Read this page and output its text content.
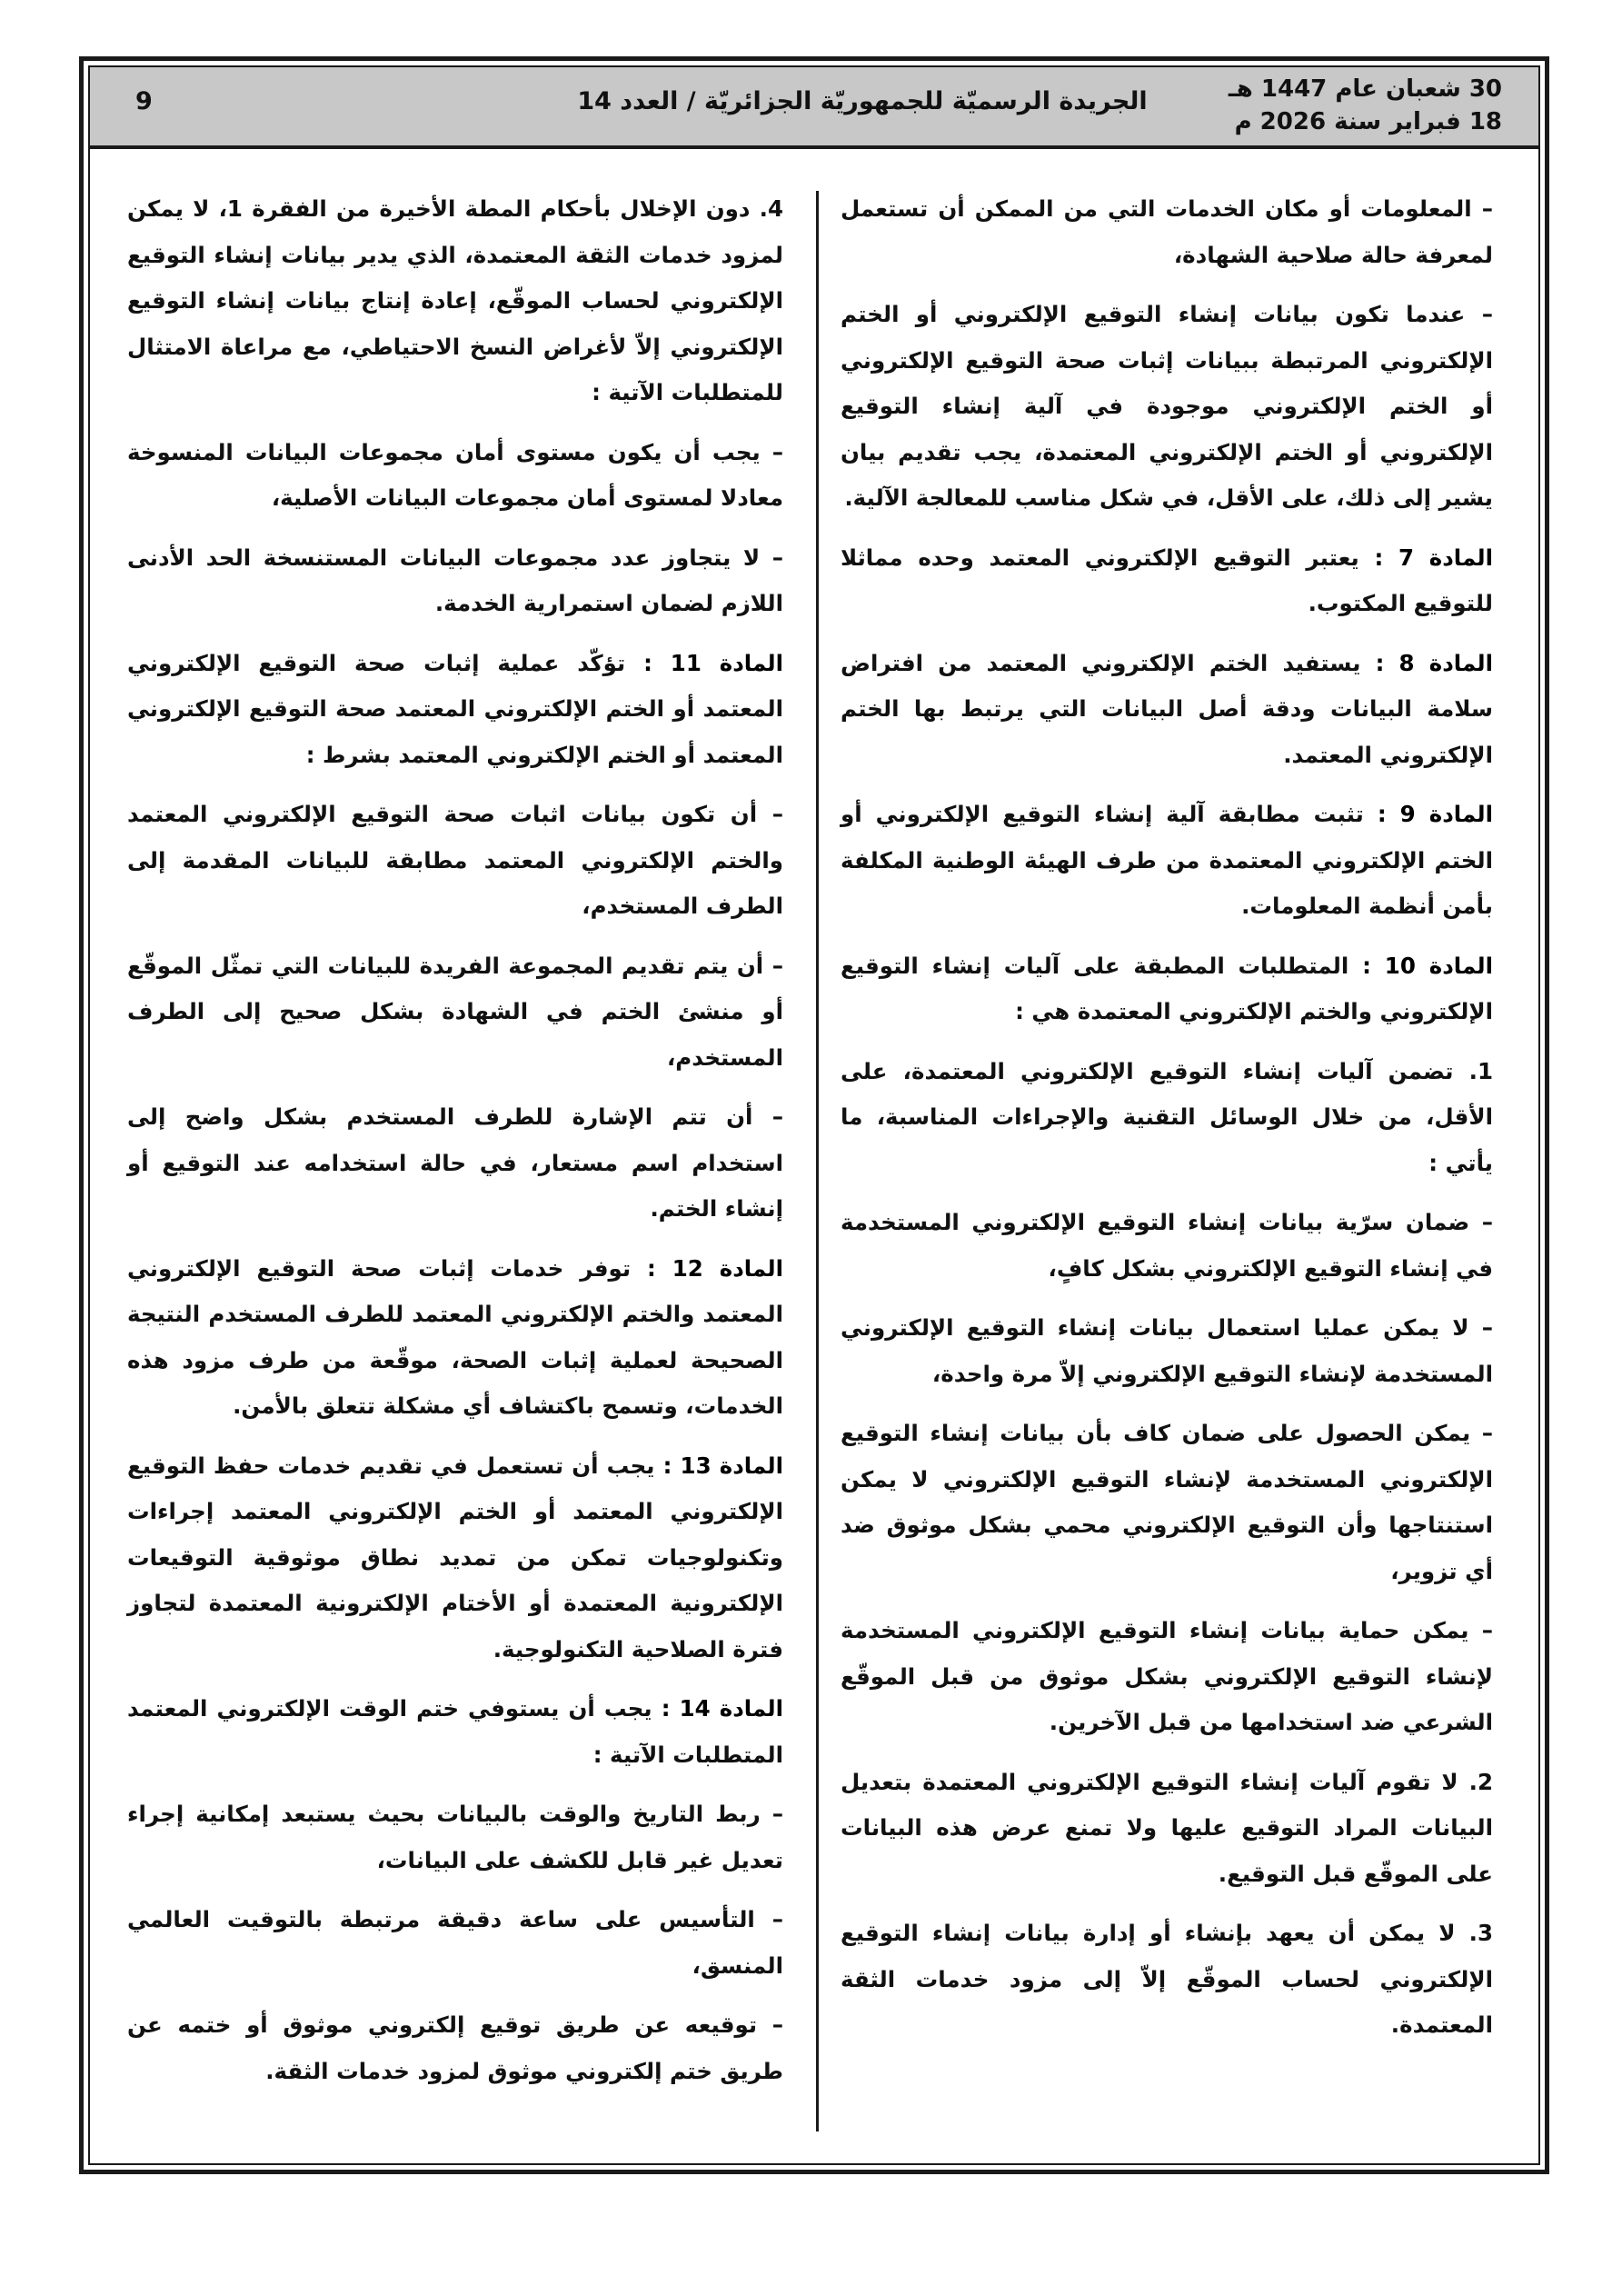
30 شعبان عام 1447 هـ
18 فبراير سنة 2026 م
الجريدة الرسميّة للجمهوريّة الجزائريّة / العدد 14
9

– المعلومات أو مكان الخدمات التي من الممكن أن تستعمل لمعرفة حالة صلاحية الشهادة،

– عندما تكون بيانات إنشاء التوقيع الإلكتروني أو الختم الإلكتروني المرتبطة ببيانات إثبات صحة التوقيع الإلكتروني أو الختم الإلكتروني موجودة في آلية إنشاء التوقيع الإلكتروني أو الختم الإلكتروني المعتمدة، يجب تقديم بيان يشير إلى ذلك، على الأقل، في شكل مناسب للمعالجة الآلية.

المادة 7 : يعتبر التوقيع الإلكتروني المعتمد وحده مماثلا للتوقيع المكتوب.

المادة 8 : يستفيد الختم الإلكتروني المعتمد من افتراض سلامة البيانات ودقة أصل البيانات التي يرتبط بها الختم الإلكتروني المعتمد.

المادة 9 : تثبت مطابقة آلية إنشاء التوقيع الإلكتروني أو الختم الإلكتروني المعتمدة من طرف الهيئة الوطنية المكلفة بأمن أنظمة المعلومات.

المادة 10 : المتطلبات المطبقة على آليات إنشاء التوقيع الإلكتروني والختم الإلكتروني المعتمدة هي :

1. تضمن آليات إنشاء التوقيع الإلكتروني المعتمدة، على الأقل، من خلال الوسائل التقنية والإجراءات المناسبة، ما يأتي :

– ضمان سرّية بيانات إنشاء التوقيع الإلكتروني المستخدمة في إنشاء التوقيع الإلكتروني بشكل كافٍ،

– لا يمكن عمليا استعمال بيانات إنشاء التوقيع الإلكتروني المستخدمة لإنشاء التوقيع الإلكتروني إلاّ مرة واحدة،

– يمكن الحصول على ضمان كاف بأن بيانات إنشاء التوقيع الإلكتروني المستخدمة لإنشاء التوقيع الإلكتروني لا يمكن استنتاجها وأن التوقيع الإلكتروني محمي بشكل موثوق ضد أي تزوير،

– يمكن حماية بيانات إنشاء التوقيع الإلكتروني المستخدمة لإنشاء التوقيع الإلكتروني بشكل موثوق من قبل الموقّع الشرعي ضد استخدامها من قبل الآخرين.

2. لا تقوم آليات إنشاء التوقيع الإلكتروني المعتمدة بتعديل البيانات المراد التوقيع عليها ولا تمنع عرض هذه البيانات على الموقّع قبل التوقيع.

3. لا يمكن أن يعهد بإنشاء أو إدارة بيانات إنشاء التوقيع الإلكتروني لحساب الموقّع إلاّ إلى مزود خدمات الثقة المعتمدة.

4. دون الإخلال بأحكام المطة الأخيرة من الفقرة 1، لا يمكن لمزود خدمات الثقة المعتمدة، الذي يدير بيانات إنشاء التوقيع الإلكتروني لحساب الموقّع، إعادة إنتاج بيانات إنشاء التوقيع الإلكتروني إلاّ لأغراض النسخ الاحتياطي، مع مراعاة الامتثال للمتطلبات الآتية :

– يجب أن يكون مستوى أمان مجموعات البيانات المنسوخة معادلا لمستوى أمان مجموعات البيانات الأصلية،

– لا يتجاوز عدد مجموعات البيانات المستنسخة الحد الأدنى اللازم لضمان استمرارية الخدمة.

المادة 11 : تؤكّد عملية إثبات صحة التوقيع الإلكتروني المعتمد أو الختم الإلكتروني المعتمد صحة التوقيع الإلكتروني المعتمد أو الختم الإلكتروني المعتمد بشرط :

– أن تكون بيانات اثبات صحة التوقيع الإلكتروني المعتمد والختم الإلكتروني المعتمد مطابقة للبيانات المقدمة إلى الطرف المستخدم،

– أن يتم تقديم المجموعة الفريدة للبيانات التي تمثّل الموقّع أو منشئ الختم في الشهادة بشكل صحيح إلى الطرف المستخدم،

– أن تتم الإشارة للطرف المستخدم بشكل واضح إلى استخدام اسم مستعار، في حالة استخدامه عند التوقيع أو إنشاء الختم.

المادة 12 : توفر خدمات إثبات صحة التوقيع الإلكتروني المعتمد والختم الإلكتروني المعتمد للطرف المستخدم النتيجة الصحيحة لعملية إثبات الصحة، موقّعة من طرف مزود هذه الخدمات، وتسمح باكتشاف أي مشكلة تتعلق بالأمن.

المادة 13 : يجب أن تستعمل في تقديم خدمات حفظ التوقيع الإلكتروني المعتمد أو الختم الإلكتروني المعتمد إجراءات وتكنولوجيات تمكن من تمديد نطاق موثوقية التوقيعات الإلكترونية المعتمدة أو الأختام الإلكترونية المعتمدة لتجاوز فترة الصلاحية التكنولوجية.

المادة 14 : يجب أن يستوفي ختم الوقت الإلكتروني المعتمد المتطلبات الآتية :

– ربط التاريخ والوقت بالبيانات بحيث يستبعد إمكانية إجراء تعديل غير قابل للكشف على البيانات،

– التأسيس على ساعة دقيقة مرتبطة بالتوقيت العالمي المنسق،

– توقيعه عن طريق توقيع إلكتروني موثوق أو ختمه عن طريق ختم إلكتروني موثوق لمزود خدمات الثقة.
